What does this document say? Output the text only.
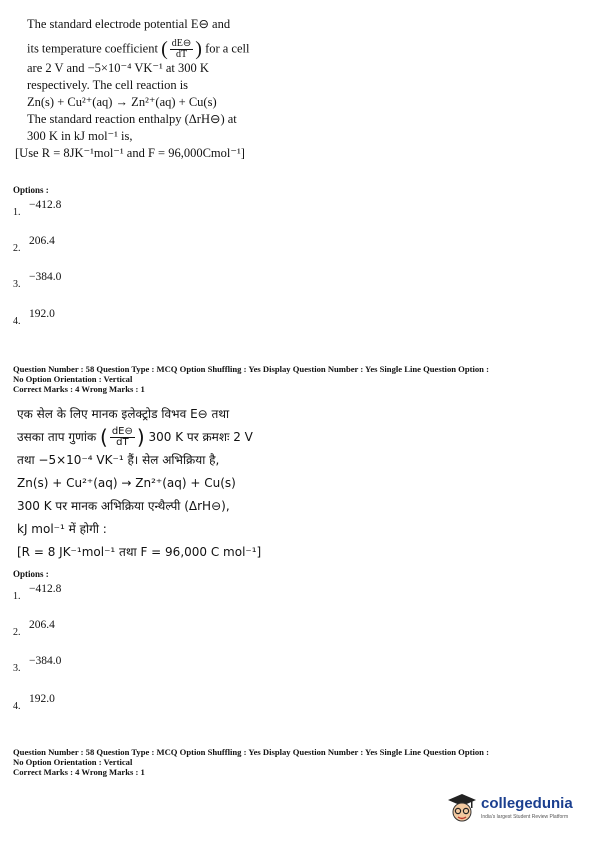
The standard electrode potential E⊖ and
its temperature coefficient ( $\frac{dE⊖}{dT}$ ) for a cell
are 2 V and −5×10⁻⁴ VK⁻¹ at 300 K
respectively. The cell reaction is
Zn(s) + Cu²⁺(aq) → Zn²⁺(aq) + Cu(s)
The standard reaction enthalpy (ΔrH⊖) at
300 K in kJ mol⁻¹ is,
[Use R = 8JK⁻¹mol⁻¹ and F = 96,000Cmol⁻¹]
Options :
1.−412.8
2.206.4
3.−384.0
4.192.0
Question Number : 58 Question Type : MCQ Option Shuffling : Yes Display Question Number : Yes Single Line Question Option :
No Option Orientation : Vertical
Correct Marks : 4 Wrong Marks : 1
एक सेल के लिए मानक इलेक्ट्रोड विभव E⊖ तथा
उसका ताप गुणांक ( $\frac{dE⊖}{dT}$ ) 300 K पर क्रमशः 2 V
तथा −5×10⁻⁴ VK⁻¹ हैं। सेल अभिक्रिया है,
Zn(s) + Cu²⁺(aq) → Zn²⁺(aq) + Cu(s)
300 K पर मानक अभिक्रिया एन्थैल्पी (ΔrH⊖),
kJ mol⁻¹ में होगी :
[R = 8 JK⁻¹mol⁻¹ तथा F = 96,000 C mol⁻¹]
Options :
1.−412.8
2.206.4
3.−384.0
4.192.0
Question Number : 58 Question Type : MCQ Option Shuffling : Yes Display Question Number : Yes Single Line Question Option :
No Option Orientation : Vertical
Correct Marks : 4 Wrong Marks : 1
collegedunia
India's largest Student Review Platform
